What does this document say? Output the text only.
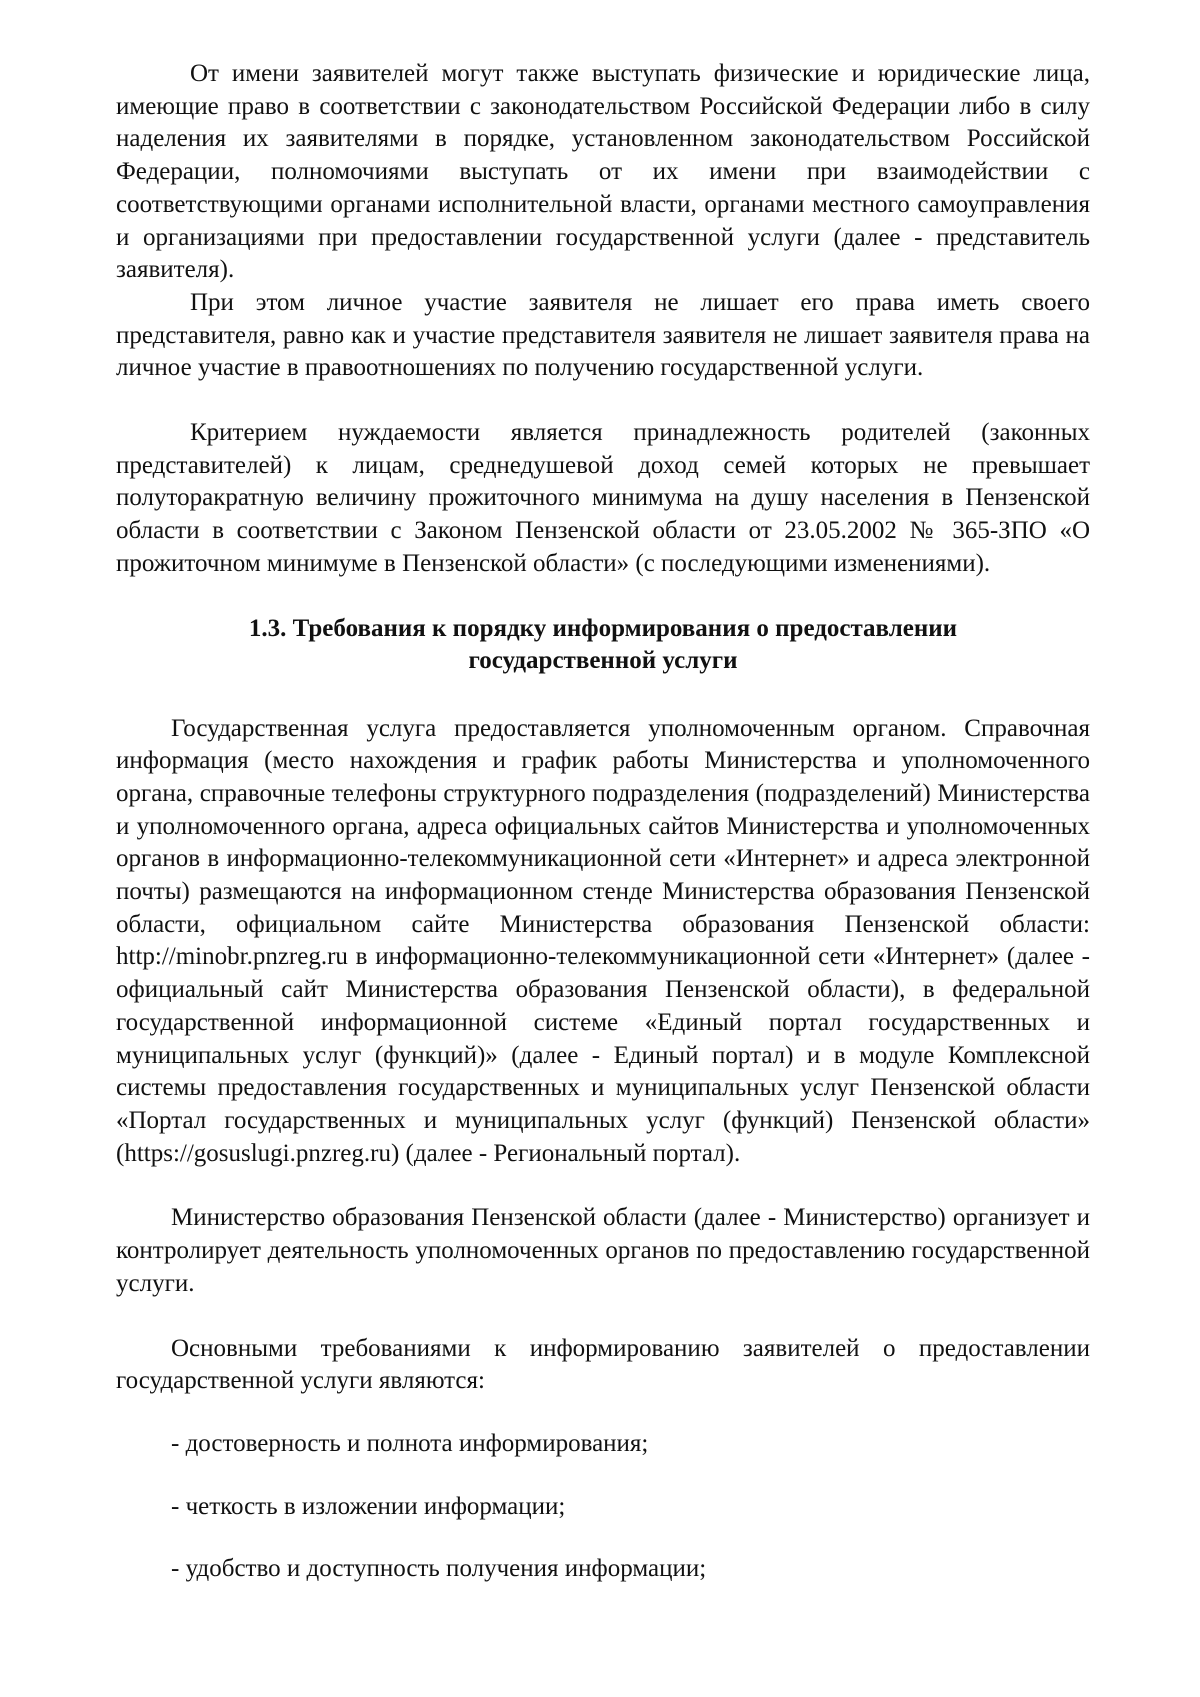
От имени заявителей могут также выступать физические и юридические лица, имеющие право в соответствии с законодательством Российской Федерации либо в силу наделения их заявителями в порядке, установленном законодательством Российской Федерации, полномочиями выступать от их имени при взаимодействии с соответствующими органами исполнительной власти, органами местного самоуправления и организациями при предоставлении государственной услуги (далее - представитель заявителя).

При этом личное участие заявителя не лишает его права иметь своего представителя, равно как и участие представителя заявителя не лишает заявителя права на личное участие в правоотношениях по получению государственной услуги.

Критерием нуждаемости является принадлежность родителей (законных представителей) к лицам, среднедушевой доход семей которых не превышает полуторакратную величину прожиточного минимума на душу населения в Пензенской области в соответствии с Законом Пензенской области от 23.05.2002 № 365-ЗПО «О прожиточном минимуме в Пензенской области» (с последующими изменениями).

1.3. Требования к порядку информирования о предоставлении
государственной услуги

Государственная услуга предоставляется уполномоченным органом. Справочная информация (место нахождения и график работы Министерства и уполномоченного органа, справочные телефоны структурного подразделения (подразделений) Министерства и уполномоченного органа, адреса официальных сайтов Министерства и уполномоченных органов в информационно-телекоммуникационной сети «Интернет» и адреса электронной почты) размещаются на информационном стенде Министерства образования Пензенской области, официальном сайте Министерства образования Пензенской области: http://minobr.pnzreg.ru в информационно-телекоммуникационной сети «Интернет» (далее - официальный сайт Министерства образования Пензенской области), в федеральной государственной информационной системе «Единый портал государственных и муниципальных услуг (функций)» (далее - Единый портал) и в модуле Комплексной системы предоставления государственных и муниципальных услуг Пензенской области «Портал государственных и муниципальных услуг (функций) Пензенской области» (https://gosuslugi.pnzreg.ru) (далее - Региональный портал).

Министерство образования Пензенской области (далее - Министерство) организует и контролирует деятельность уполномоченных органов по предоставлению государственной услуги.

Основными требованиями к информированию заявителей о предоставлении государственной услуги являются:

- достоверность и полнота информирования;

- четкость в изложении информации;

- удобство и доступность получения информации;
